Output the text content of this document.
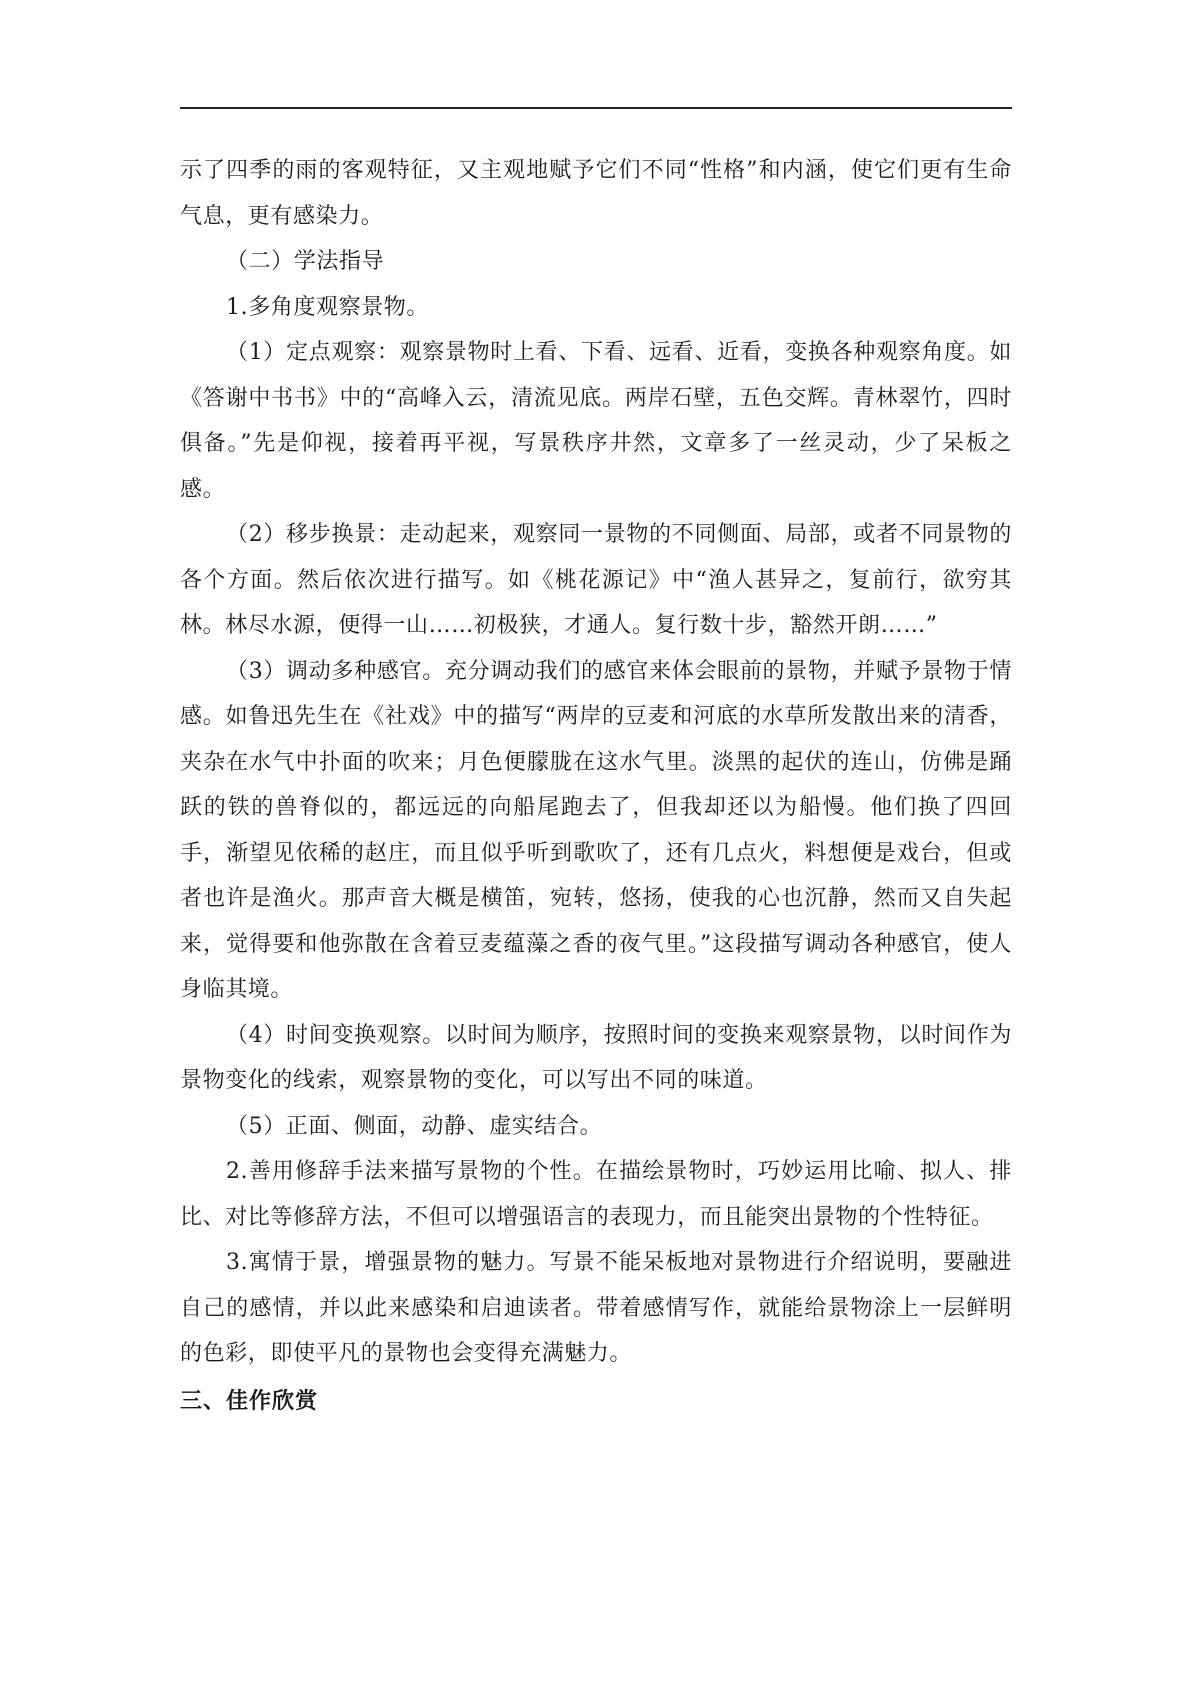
示了四季的雨的客观特征，又主观地赋予它们不同“性格”和内涵，使它们更有生命气息，更有感染力。

（二）学法指导

1.多角度观察景物。

（1）定点观察：观察景物时上看、下看、远看、近看，变换各种观察角度。如《答谢中书书》中的“高峰入云，清流见底。两岸石壁，五色交辉。青林翠竹，四时俱备。”先是仰视，接着再平视，写景秩序井然，文章多了一丝灵动，少了呆板之感。

（2）移步换景：走动起来，观察同一景物的不同侧面、局部，或者不同景物的各个方面。然后依次进行描写。如《桃花源记》中“渔人甚异之，复前行，欲穷其林。林尽水源，便得一山……初极狭，才通人。复行数十步，豁然开朗……”

（3）调动多种感官。充分调动我们的感官来体会眼前的景物，并赋予景物于情感。如鲁迅先生在《社戏》中的描写“两岸的豆麦和河底的水草所发散出来的清香，夹杂在水气中扑面的吹来；月色便朦胧在这水气里。淡黑的起伏的连山，仿佛是踊跃的铁的兽脊似的，都远远的向船尾跑去了，但我却还以为船慢。他们换了四回手，渐望见依稀的赵庄，而且似乎听到歌吹了，还有几点火，料想便是戏台，但或者也许是渔火。那声音大概是横笛，宛转，悠扬，使我的心也沉静，然而又自失起来，觉得要和他弥散在含着豆麦蕴藻之香的夜气里。”这段描写调动各种感官，使人身临其境。

（4）时间变换观察。以时间为顺序，按照时间的变换来观察景物，以时间作为景物变化的线索，观察景物的变化，可以写出不同的味道。

（5）正面、侧面，动静、虚实结合。

2.善用修辞手法来描写景物的个性。在描绘景物时，巧妙运用比喻、拟人、排比、对比等修辞方法，不但可以增强语言的表现力，而且能突出景物的个性特征。

3.寓情于景，增强景物的魅力。写景不能呆板地对景物进行介绍说明，要融进自己的感情，并以此来感染和启迪读者。带着感情写作，就能给景物涂上一层鲜明的色彩，即使平凡的景物也会变得充满魅力。

三、佳作欣赏
